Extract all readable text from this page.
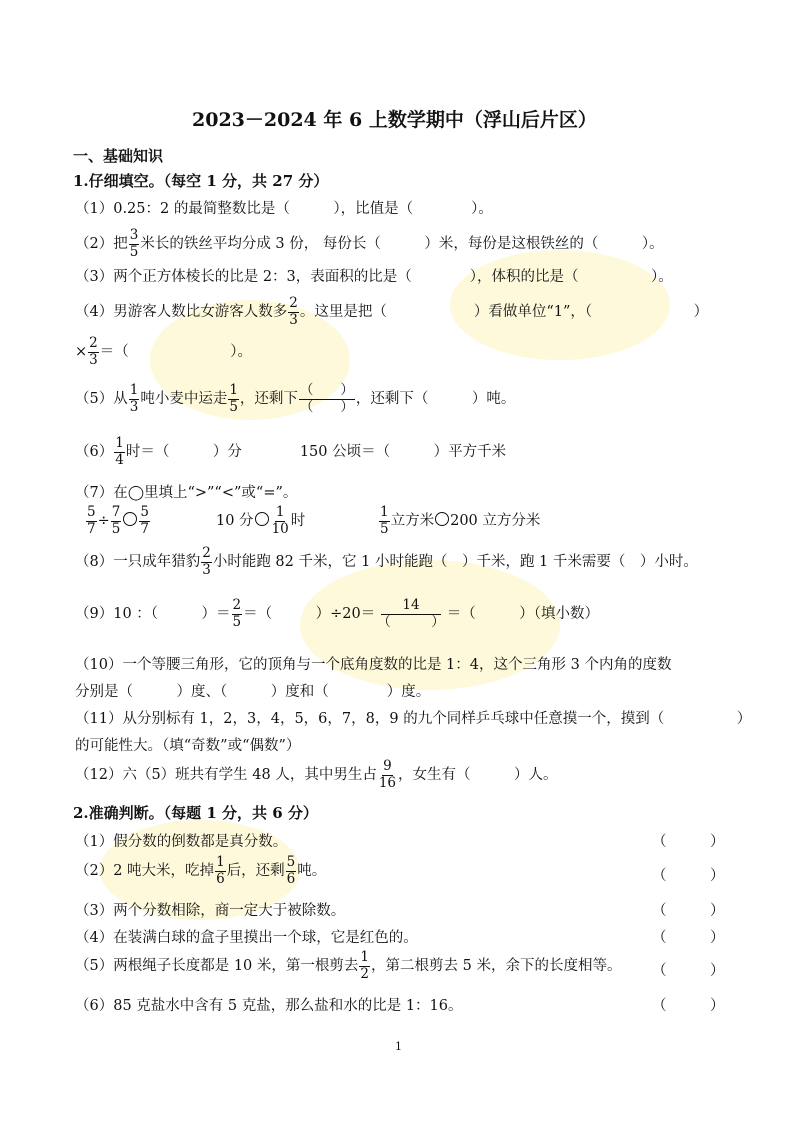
2023－2024 年 6 上数学期中（浮山后片区）
一、基础知识
1.仔细填空。（每空 1 分，共 27 分）
（1）0.25：2 的最简整数比是（　　　），比值是（　　　　）。
（2）把 $\frac{3}{5}$ 米长的铁丝平均分成 3 份， 每份长（　　　）米，每份是这根铁丝的（　　　）。
（3）两个正方体棱长的比是 2：3，表面积的比是（　　　　），体积的比是（　　　　　）。
（4）男游客人数比女游客人数多 $\frac{2}{3}$ 。这里是把（　　　　　　）看做单位“1”，（　　　　　　　）
× $\frac{2}{3}$ ＝（　　　　　　　）。
（5）从 $\frac{1}{3}$ 吨小麦中运走 $\frac{1}{5}$ ，还剩下 $\frac{( )}{( )}$ ，还剩下（　　　）吨。
$(6) \frac{1}{4}$ 时＝（　　　）分　　　　150 公顷＝（　　　）平方千米
（7）在◯里填上“>”“<”或“=”。
$\frac{5}{7} \div \frac{7}{5} \frac{5}{7}$	10 分 $\frac{1}{10}$ 时	$\frac{1}{5}$ 立方米 200 立方分米
（8）一只成年猎豹 $\frac{2}{3}$ 小时能跑 82 千米，它 1 小时能跑（　）千米，跑 1 千米需要（　）小时。
（9）10 ：（　　　）＝ $\frac{2}{5}$ ＝（　　　）$\div 20= \frac{14}{( )}$ ＝（　　　）（填小数）
（10）一个等腰三角形，它的顶角与一个底角度数的比是 1：4，这个三角形 3 个内角的度数
分别是（　　　）度、（　　　）度和（　　　　）度。
（11）从分别标有 1，2，3，4，5，6，7，8，9 的九个同样乒乓球中任意摸一个，摸到（　　　　　）
的可能性大。（填“奇数”或“偶数”）
（12）六（5）班共有学生 48 人，其中男生占 $\frac{9}{16}$ ，女生有（　　　）人。
2.准确判断。（每题 1 分，共 6 分）
（1）假分数的倒数都是真分数。	（　　　）
（2）2 吨大米，吃掉 $\frac{1}{6}$ 后，还剩 $\frac{5}{6}$ 吨。	（　　　）
（3）两个分数相除，商一定大于被除数。	（　　　）
（4）在装满白球的盒子里摸出一个球，它是红色的。	（　　　）
（5）两根绳子长度都是 10 米，第一根剪去 $\frac{1}{2}$ ，第二根剪去 5 米，余下的长度相等。 （　　　）
（6）85 克盐水中含有 5 克盐，那么盐和水的比是 1：16。	（　　　）
1
